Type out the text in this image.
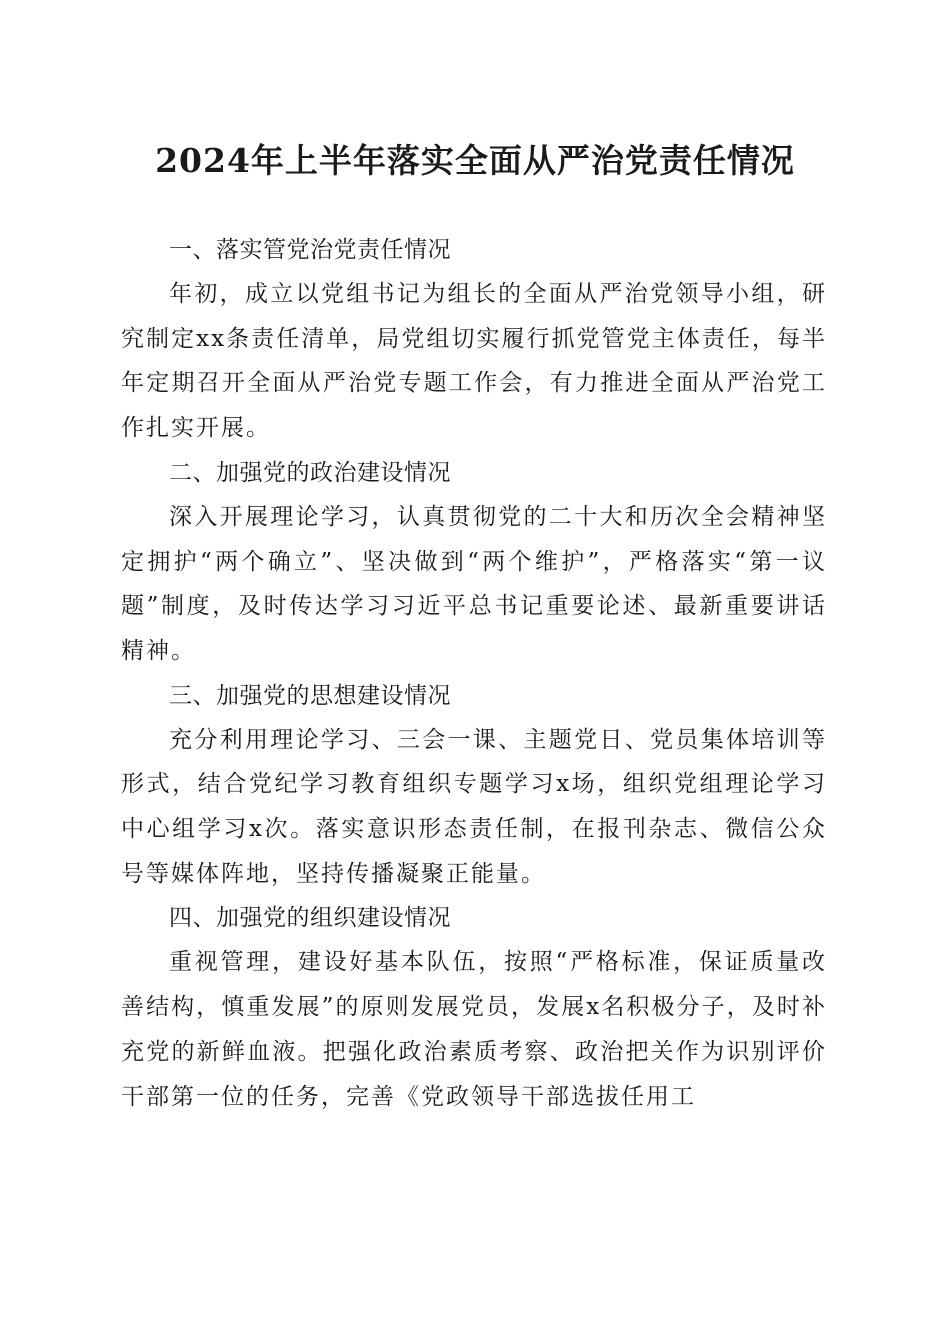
2024年上半年落实全面从严治党责任情况
一、落实管党治党责任情况

年初，成立以党组书记为组长的全面从严治党领导小组，研究制定xx条责任清单，局党组切实履行抓党管党主体责任，每半年定期召开全面从严治党专题工作会，有力推进全面从严治党工作扎实开展。

二、加强党的政治建设情况

深入开展理论学习，认真贯彻党的二十大和历次全会精神坚定拥护“两个确立”、坚决做到“两个维护”，严格落实“第一议题”制度，及时传达学习习近平总书记重要论述、最新重要讲话精神。

三、加强党的思想建设情况

充分利用理论学习、三会一课、主题党日、党员集体培训等形式，结合党纪学习教育组织专题学习x场，组织党组理论学习中心组学习x次。落实意识形态责任制，在报刊杂志、微信公众号等媒体阵地，坚持传播凝聚正能量。

四、加强党的组织建设情况

重视管理，建设好基本队伍，按照“严格标准，保证质量改善结构，慎重发展”的原则发展党员，发展x名积极分子，及时补充党的新鲜血液。把强化政治素质考察、政治把关作为识别评价干部第一位的任务，完善《党政领导干部选拔任用工
